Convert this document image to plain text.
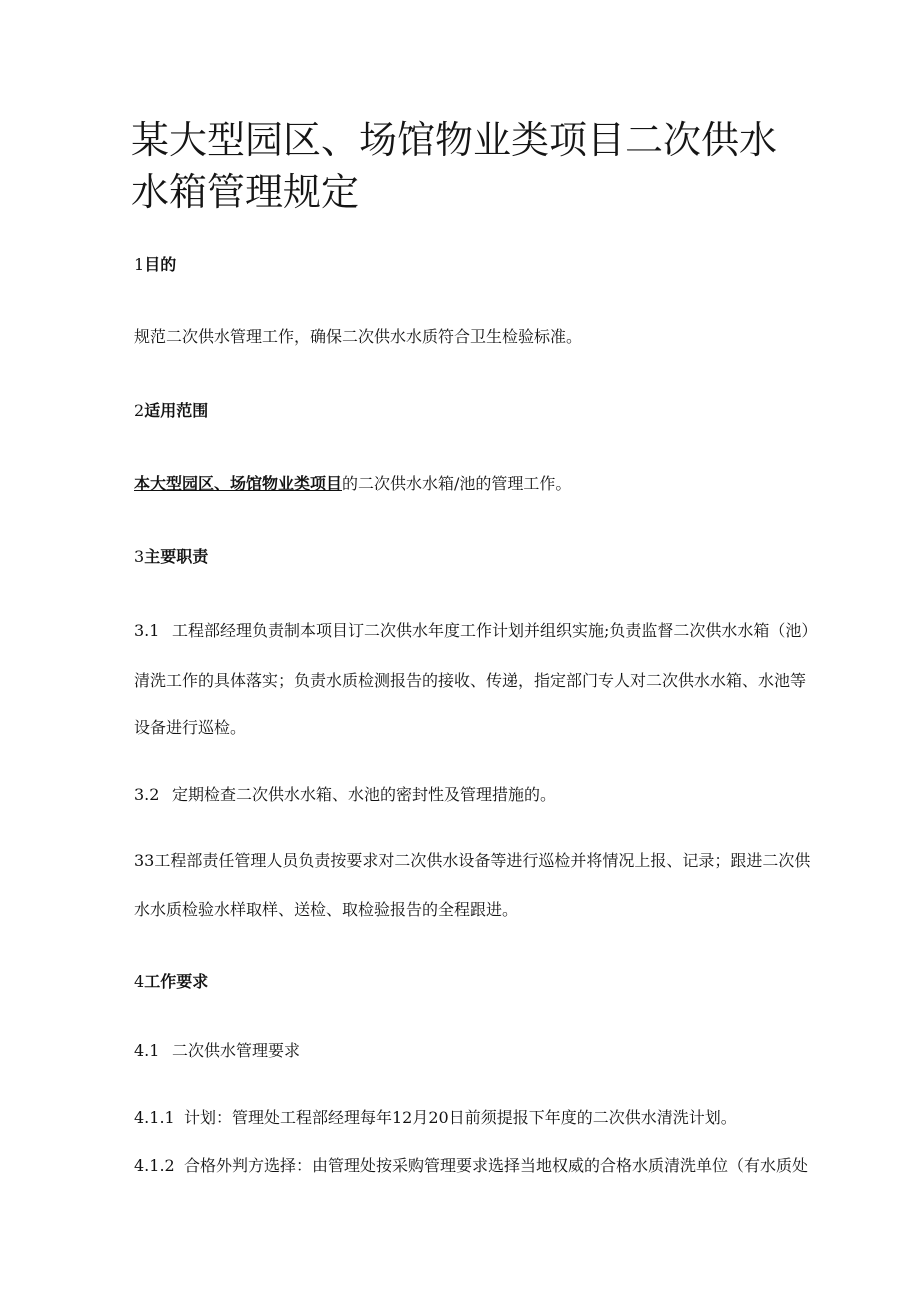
某大型园区、场馆物业类项目二次供水水箱管理规定
1目的
规范二次供水管理工作，确保二次供水水质符合卫生检验标准。
2适用范围
本大型园区、场馆物业类项目的二次供水水箱/池的管理工作。
3主要职责
3.1 工程部经理负责制本项目订二次供水年度工作计划并组织实施;负责监督二次供水水箱（池）
清洗工作的具体落实；负责水质检测报告的接收、传递，指定部门专人对二次供水水箱、水池等
设备进行巡检。
3.2 定期检查二次供水水箱、水池的密封性及管理措施的。
33工程部责任管理人员负责按要求对二次供水设备等进行巡检并将情况上报、记录；跟进二次供
水水质检验水样取样、送检、取检验报告的全程跟进。
4工作要求
4.1 二次供水管理要求
4.1.1 计划：管理处工程部经理每年12月20日前须提报下年度的二次供水清洗计划。
4.1.2 合格外判方选择：由管理处按采购管理要求选择当地权威的合格水质清洗单位（有水质处
